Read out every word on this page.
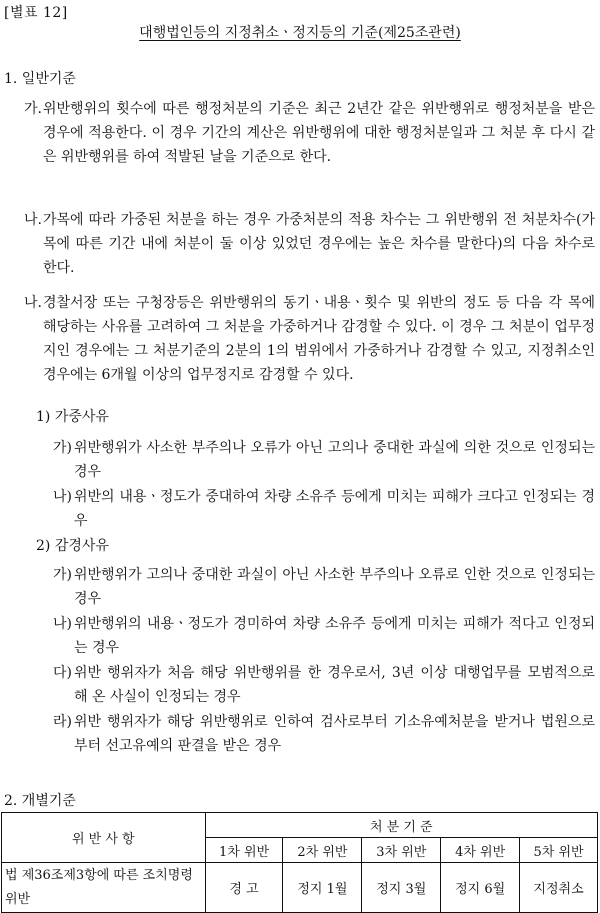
[별표 12]
대행법인등의 지정취소ㆍ정지등의 기준(제25조관련)
1. 일반기준
가. 위반행위의 횟수에 따른 행정처분의 기준은 최근 2년간 같은 위반행위로 행정처분을 받은 경우에 적용한다. 이 경우 기간의 계산은 위반행위에 대한 행정처분일과 그 처분 후 다시 같은 위반행위를 하여 적발된 날을 기준으로 한다.
나. 가목에 따라 가중된 처분을 하는 경우 가중처분의 적용 차수는 그 위반행위 전 처분차수(가목에 따른 기간 내에 처분이 둘 이상 있었던 경우에는 높은 차수를 말한다)의 다음 차수로 한다.
나. 경찰서장 또는 구청장등은 위반행위의 동기ㆍ내용ㆍ횟수 및 위반의 정도 등 다음 각 목에 해당하는 사유를 고려하여 그 처분을 가중하거나 감경할 수 있다. 이 경우 그 처분이 업무정지인 경우에는 그 처분기준의 2분의 1의 범위에서 가중하거나 감경할 수 있고, 지정취소인 경우에는 6개월 이상의 업무정지로 감경할 수 있다.
1) 가중사유
가) 위반행위가 사소한 부주의나 오류가 아닌 고의나 중대한 과실에 의한 것으로 인정되는 경우
나) 위반의 내용ㆍ정도가 중대하여 차량 소유주 등에게 미치는 피해가 크다고 인정되는 경우
2) 감경사유
가) 위반행위가 고의나 중대한 과실이 아닌 사소한 부주의나 오류로 인한 것으로 인정되는 경우
나) 위반행위의 내용ㆍ정도가 경미하여 차량 소유주 등에게 미치는 피해가 적다고 인정되는 경우
다) 위반 행위자가 처음 해당 위반행위를 한 경우로서, 3년 이상 대행업무를 모범적으로 해 온 사실이 인정되는 경우
라) 위반 행위자가 해당 위반행위로 인하여 검사로부터 기소유예처분을 받거나 법원으로부터 선고유예의 판결을 받은 경우
2. 개별기준
위 반 사 항	처 분 기 준				
	1차 위반	2차 위반	3차 위반	4차 위반	5차 위반
법 제36조제3항에 따른 조치명령 위반	경 고	정지 1월	정지 3월	정지 6월	지정취소
